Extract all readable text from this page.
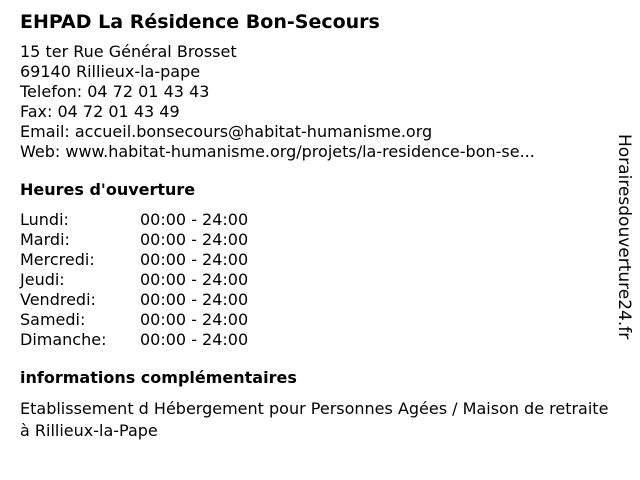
EHPAD La Résidence Bon-Secours
15 ter Rue Général Brosset
69140 Rillieux-la-pape
Telefon: 04 72 01 43 43
Fax: 04 72 01 43 49
Email: accueil.bonsecours@habitat-humanisme.org
Web: www.habitat-humanisme.org/projets/la-residence-bon-se...
Heures d'ouverture
Lundi:	00:00 - 24:00
Mardi:	00:00 - 24:00
Mercredi:	00:00 - 24:00
Jeudi:	00:00 - 24:00
Vendredi:	00:00 - 24:00
Samedi:	00:00 - 24:00
Dimanche:	00:00 - 24:00
informations complémentaires
Etablissement d Hébergement pour Personnes Agées / Maison de retraite à Rillieux-la-Pape
Horairesdouverture24.fr
